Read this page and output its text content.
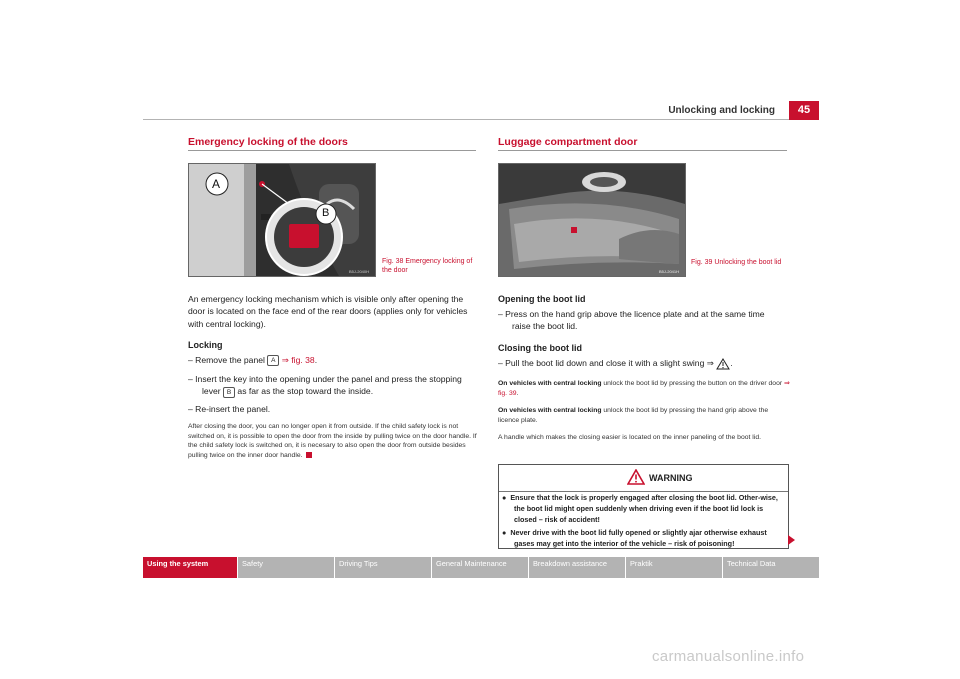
Unlocking and locking	45
Emergency locking of the doors
A
B
B5J-2040H
Fig. 38 Emergency locking of the door
An emergency locking mechanism which is visible only after opening the door is located on the face end of the rear doors (applies only for vehicles with central locking).
Locking
– Remove the panel A ⇒ fig. 38.
– Insert the key into the opening under the panel and press the stopping
lever B as far as the stop toward the inside.
– Re-insert the panel.
After closing the door, you can no longer open it from outside. If the child safety lock is not switched on, it is possible to open the door from the inside by pulling twice on the door handle. If the child safety lock is switched on, it is necesary to also open the door from outside besides pulling twice on the inner door handle.
Luggage compartment door
B5J-2041H
Fig. 39 Unlocking the boot lid
Opening the boot lid
– Press on the hand grip above the licence plate and at the same time
raise the boot lid.
Closing the boot lid
– Pull the boot lid down and close it with a slight swing ⇒ .
On vehicles with central locking unlock the boot lid by pressing the button on the driver door ⇒ fig. 39.
On vehicles with central locking unlock the boot lid by pressing the hand grip above the licence plate.
A handle which makes the closing easier is located on the inner paneling of the boot lid.
WARNING
●  Ensure that the lock is properly engaged after closing the boot lid. Other-wise, the boot lid might open suddenly when driving even if the boot lid lock is closed – risk of accident!
●  Never drive with the boot lid fully opened or slightly ajar otherwise exhaust gases may get into the interior of the vehicle – risk of poisoning!
Using the system	Safety	Driving Tips	General Maintenance	Breakdown assistance	Praktik	Technical Data
carmanualsonline.info
